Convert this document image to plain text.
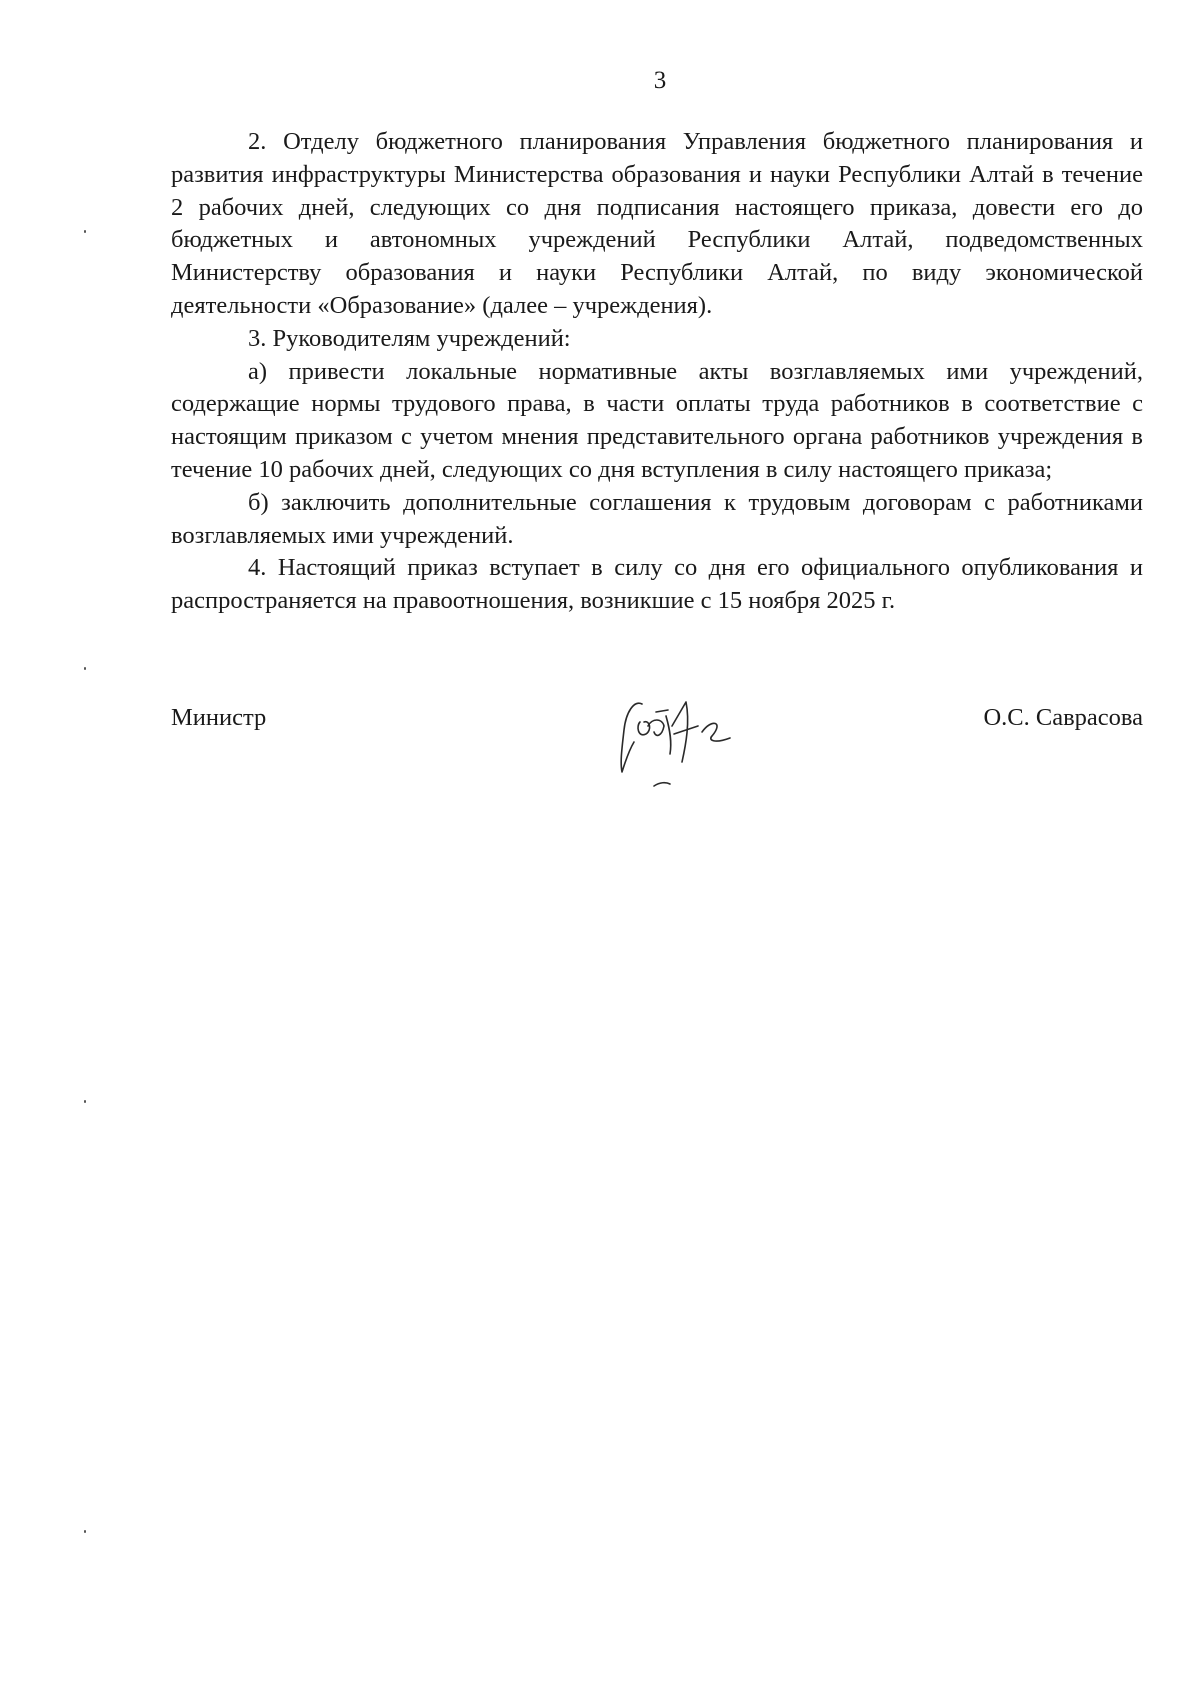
3

2. Отделу бюджетного планирования Управления бюджетного планирования и развития инфраструктуры Министерства образования и науки Республики Алтай в течение 2 рабочих дней, следующих со дня подписания настоящего приказа, довести его до бюджетных и автономных учреждений Республики Алтай, подведомственных Министерству образования и науки Республики Алтай, по виду экономической деятельности «Образование» (далее – учреждения).

3. Руководителям учреждений:

а) привести локальные нормативные акты возглавляемых ими учреждений, содержащие нормы трудового права, в части оплаты труда работников в соответствие с настоящим приказом с учетом мнения представительного органа работников учреждения в течение 10 рабочих дней, следующих со дня вступления в силу настоящего приказа;

б) заключить дополнительные соглашения к трудовым договорам с работниками возглавляемых ими учреждений.

4. Настоящий приказ вступает в силу со дня его официального опубликования и распространяется на правоотношения, возникшие с 15 ноября 2025 г.

Министр	О.С. Саврасова
